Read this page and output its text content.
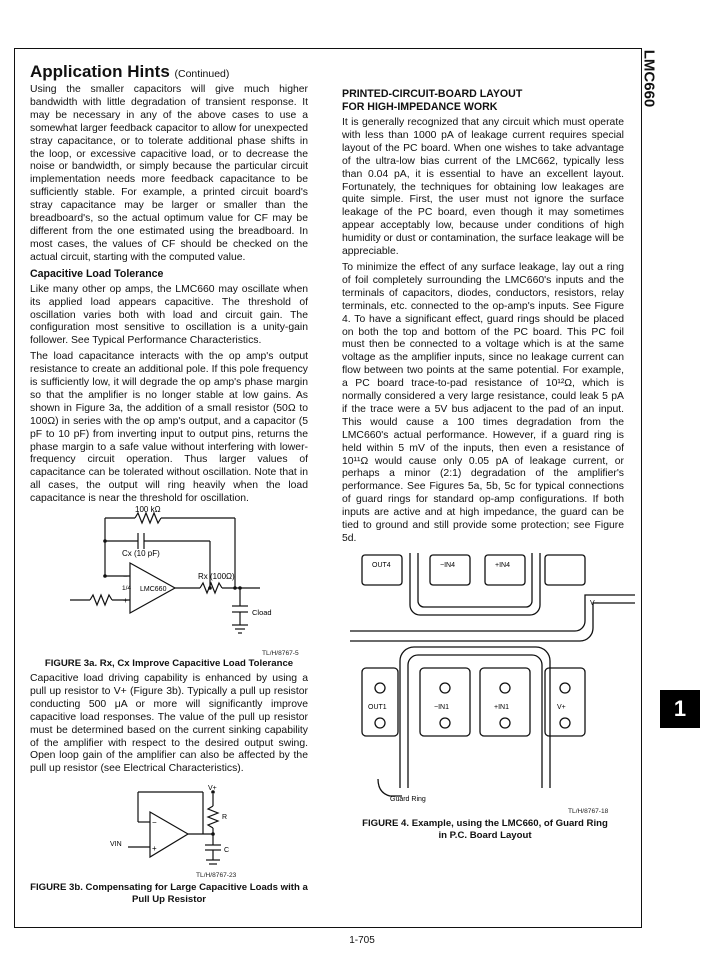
LMC660
1
Application Hints (Continued)

Using the smaller capacitors will give much higher bandwidth with little degradation of transient response. It may be necessary in any of the above cases to use a somewhat larger feedback capacitor to allow for unexpected stray capacitance, or to tolerate additional phase shifts in the loop, or excessive capacitive load, or to decrease the noise or bandwidth, or simply because the particular circuit implementation needs more feedback capacitance to be sufficiently stable. For example, a printed circuit board's stray capacitance may be larger or smaller than the breadboard's, so the actual optimum value for CF may be different from the one estimated using the breadboard. In most cases, the values of CF should be checked on the actual circuit, starting with the computed value.

Capacitive Load Tolerance

Like many other op amps, the LMC660 may oscillate when its applied load appears capacitive. The threshold of oscillation varies both with load and circuit gain. The configuration most sensitive to oscillation is a unity-gain follower. See Typical Performance Characteristics.

The load capacitance interacts with the op amp's output resistance to create an additional pole. If this pole frequency is sufficiently low, it will degrade the op amp's phase margin so that the amplifier is no longer stable at low gains. As shown in Figure 3a, the addition of a small resistor (50Ω to 100Ω) in series with the op amp's output, and a capacitor (5 pF to 10 pF) from inverting input to output pins, returns the phase margin to a safe value without interfering with lower-frequency circuit operation. Thus larger values of capacitance can be tolerated without oscillation. Note that in all cases, the output will ring heavily when the load capacitance is near the threshold for oscillation.

100 kΩ
Cx (10 pF)
LMC660
1/4
Rx (100Ω)
Cload
−
+
TL/H/8767-5
FIGURE 3a. Rx, Cx Improve Capacitive Load Tolerance

Capacitive load driving capability is enhanced by using a pull up resistor to V+ (Figure 3b). Typically a pull up resistor conducting 500 μA or more will significantly improve capacitive load responses. The value of the pull up resistor must be determined based on the current sinking capability of the amplifier with respect to the desired output swing. Open loop gain of the amplifier can also be affected by the pull up resistor (see Electrical Characteristics).

V+
R
C
VIN
−
+
TL/H/8767-23
FIGURE 3b. Compensating for Large Capacitive Loads with a Pull Up Resistor
PRINTED-CIRCUIT-BOARD LAYOUT
FOR HIGH-IMPEDANCE WORK

It is generally recognized that any circuit which must operate with less than 1000 pA of leakage current requires special layout of the PC board. When one wishes to take advantage of the ultra-low bias current of the LMC662, typically less than 0.04 pA, it is essential to have an excellent layout. Fortunately, the techniques for obtaining low leakages are quite simple. First, the user must not ignore the surface leakage of the PC board, even though it may sometimes appear acceptably low, because under conditions of high humidity or dust or contamination, the surface leakage will be appreciable.

To minimize the effect of any surface leakage, lay out a ring of foil completely surrounding the LMC660's inputs and the terminals of capacitors, diodes, conductors, resistors, relay terminals, etc. connected to the op-amp's inputs. See Figure 4. To have a significant effect, guard rings should be placed on both the top and bottom of the PC board. This PC foil must then be connected to a voltage which is at the same voltage as the amplifier inputs, since no leakage current can flow between two points at the same potential. For example, a PC board trace-to-pad resistance of 10¹²Ω, which is normally considered a very large resistance, could leak 5 pA if the trace were a 5V bus adjacent to the pad of an input. This would cause a 100 times degradation from the LMC660's actual performance. However, if a guard ring is held within 5 mV of the inputs, then even a resistance of 10¹¹Ω would cause only 0.05 pA of leakage current, or perhaps a minor (2:1) degradation of the amplifier's performance. See Figures 5a, 5b, 5c for typical connections of guard rings for standard op-amp configurations. If both inputs are active and at high impedance, the guard can be tied to ground and still provide some protection; see Figure 5d.

OUT4	−IN4	+IN4
V−
OUT1	−IN1	+IN1	V+
Guard Ring
TL/H/8767-18
FIGURE 4. Example, using the LMC660, of Guard Ring in P.C. Board Layout
1-705
